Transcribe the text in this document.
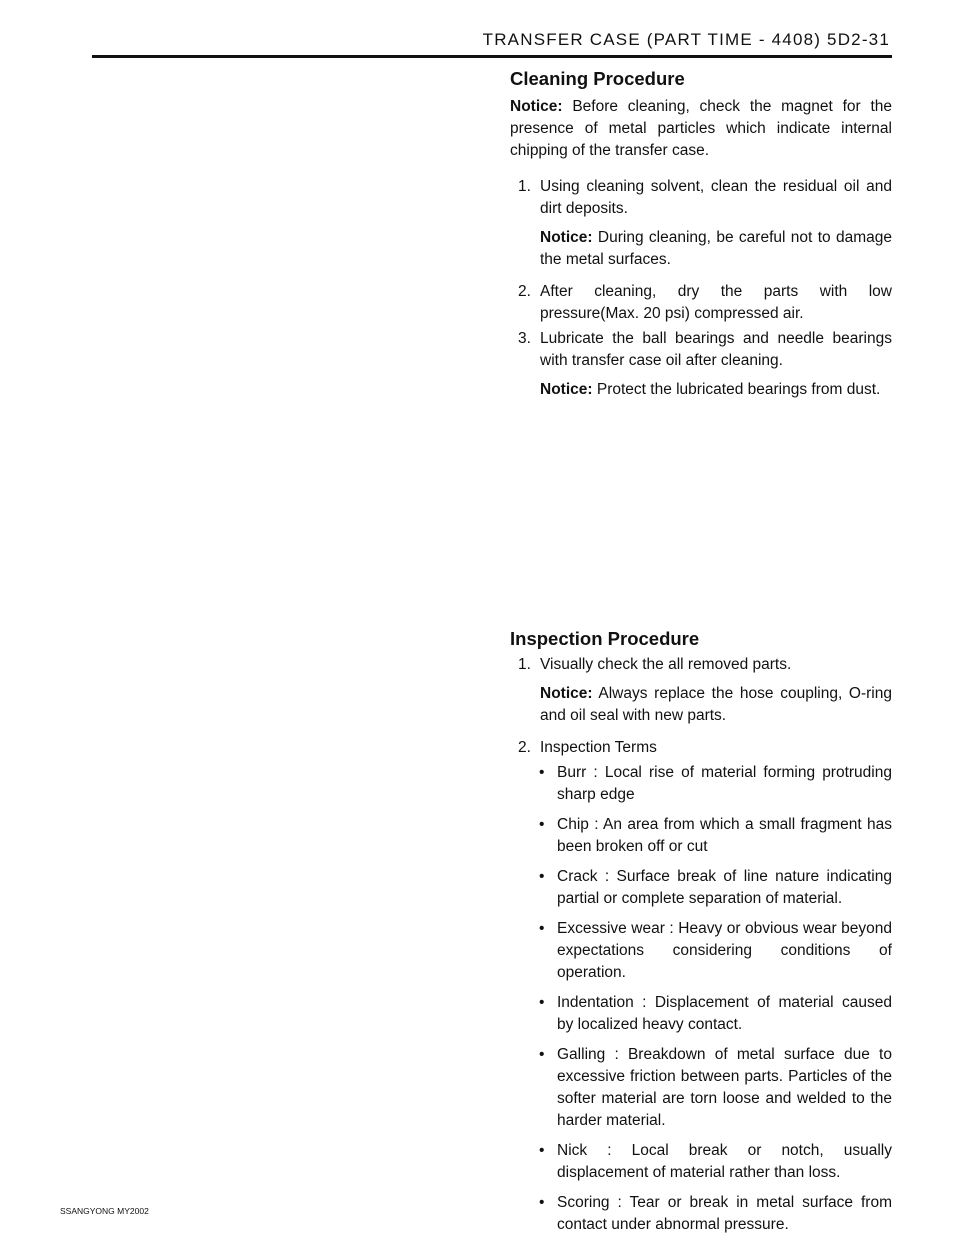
TRANSFER CASE (PART TIME - 4408) 5D2-31
Cleaning Procedure

Notice: Before cleaning, check the magnet for the presence of metal particles which indicate internal chipping of the transfer case.

1. Using cleaning solvent, clean the residual oil and dirt deposits.
Notice: During cleaning, be careful not to damage the metal surfaces.
2. After cleaning, dry the parts with low pressure(Max. 20 psi) compressed air.
3. Lubricate the ball bearings and needle bearings with transfer case oil after cleaning.
Notice: Protect the lubricated bearings from dust.
Inspection Procedure
1. Visually check the all removed parts.
Notice: Always replace the hose coupling, O-ring and oil seal with new parts.
2. Inspection Terms
• Burr : Local rise of material forming protruding sharp edge
• Chip : An area from which a small fragment has been broken off or cut
• Crack : Surface break of line nature indicating partial or complete separation of material.
• Excessive wear : Heavy or obvious wear beyond expectations considering conditions of operation.
• Indentation : Displacement of material caused by localized heavy contact.
• Galling : Breakdown of metal surface due to excessive friction between parts. Particles of the softer material are torn loose and welded to the harder material.
• Nick : Local break or notch, usually displacement of material rather than loss.
• Scoring : Tear or break in metal surface from contact under abnormal pressure.
SSANGYONG MY2002
